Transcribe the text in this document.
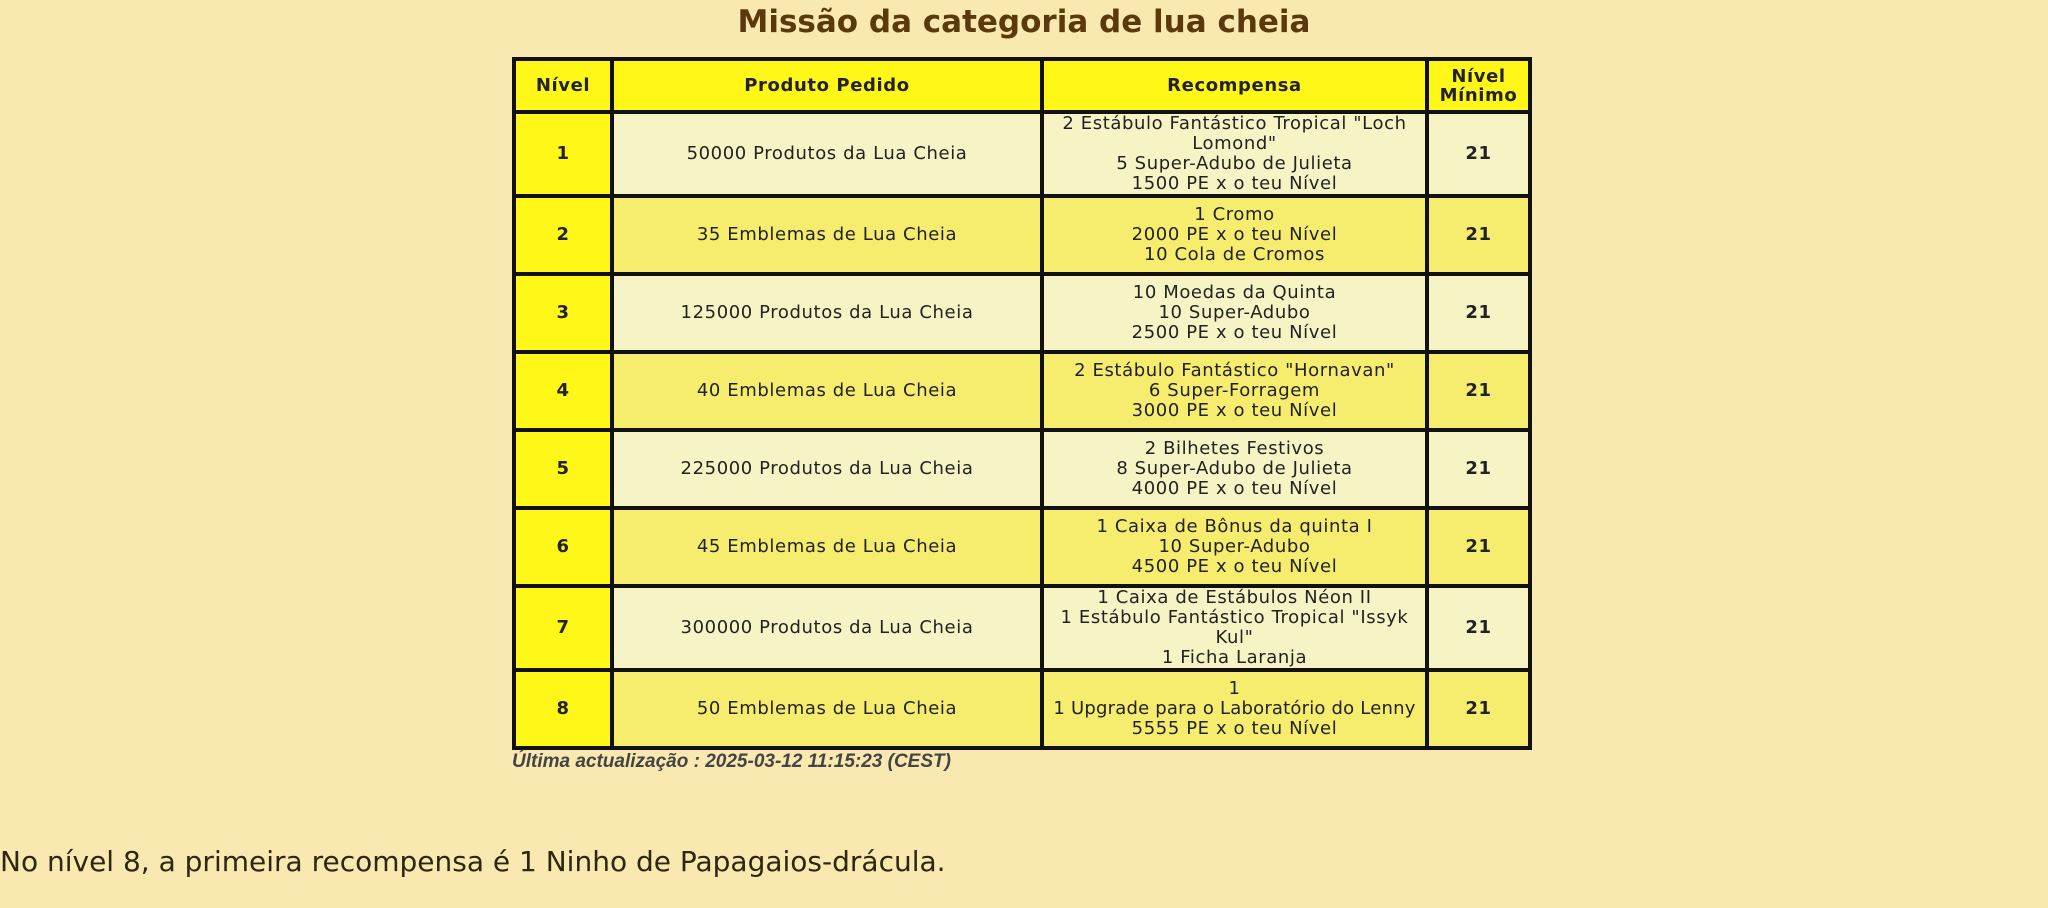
Missão da categoria de lua cheia
Nível	Produto Pedido	Recompensa	Nível Mínimo
1	50000 Produtos da Lua Cheia	2 Estábulo Fantástico Tropical "Loch Lomond"
5 Super-Adubo de Julieta
1500 PE x o teu Nível	21
2	35 Emblemas de Lua Cheia	1 Cromo
2000 PE x o teu Nível
10 Cola de Cromos	21
3	125000 Produtos da Lua Cheia	10 Moedas da Quinta
10 Super-Adubo
2500 PE x o teu Nível	21
4	40 Emblemas de Lua Cheia	2 Estábulo Fantástico "Hornavan"
6 Super-Forragem
3000 PE x o teu Nível	21
5	225000 Produtos da Lua Cheia	2 Bilhetes Festivos
8 Super-Adubo de Julieta
4000 PE x o teu Nível	21
6	45 Emblemas de Lua Cheia	1 Caixa de Bônus da quinta I
10 Super-Adubo
4500 PE x o teu Nível	21
7	300000 Produtos da Lua Cheia	1 Caixa de Estábulos Néon II
1 Estábulo Fantástico Tropical "Issyk Kul"
1 Ficha Laranja	21
8	50 Emblemas de Lua Cheia	1
1 Upgrade para o Laboratório do Lenny
5555 PE x o teu Nível	21
Última actualização : 2025-03-12 11:15:23 (CEST)
No nível 8, a primeira recompensa é 1 Ninho de Papagaios-drácula.
